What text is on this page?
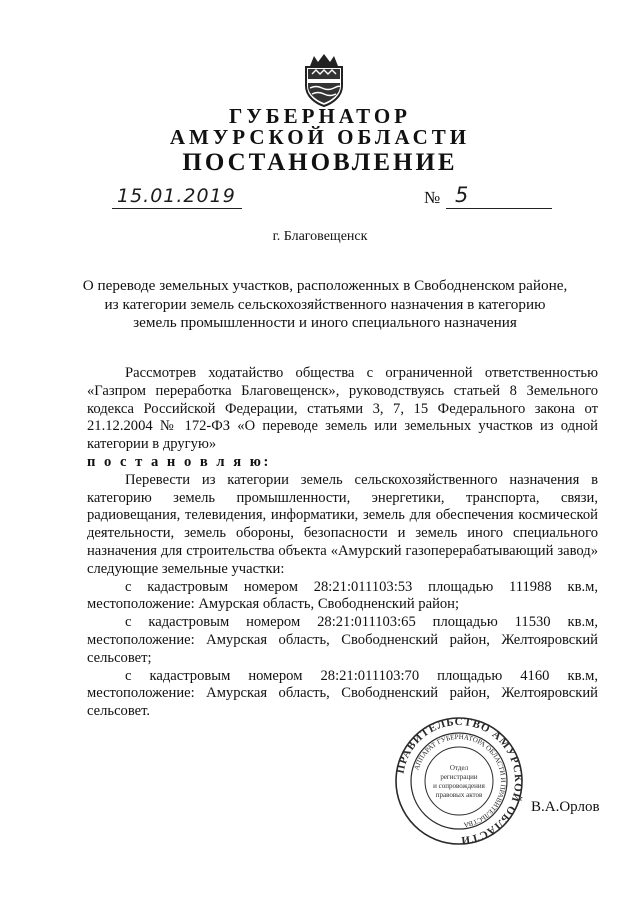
ГУБЕРНАТОР
АМУРСКОЙ ОБЛАСТИ
ПОСТАНОВЛЕНИЕ
15.01.2019	№ 5
г. Благовещенск
О переводе земельных участков, расположенных в Свободненском районе, из категории земель сельскохозяйственного назначения в категорию земель промышленности и иного специального назначения

Рассмотрев ходатайство общества с ограниченной ответственностью «Газпром переработка Благовещенск», руководствуясь статьей 8 Земельного кодекса Российской Федерации, статьями 3, 7, 15 Федерального закона от 21.12.2004 № 172-ФЗ «О переводе земель или земельных участков из одной категории в другую»

п о с т а н о в л я ю:

Перевести из категории земель сельскохозяйственного назначения в категорию земель промышленности, энергетики, транспорта, связи, радиовещания, телевидения, информатики, земель для обеспечения космической деятельности, земель обороны, безопасности и земель иного специального назначения для строительства объекта «Амурский газоперерабатывающий завод» следующие земельные участки:

с кадастровым номером 28:21:011103:53 площадью 111988 кв.м, местоположение: Амурская область, Свободненский район;

с кадастровым номером 28:21:011103:65 площадью 11530 кв.м, местоположение: Амурская область, Свободненский район, Желтояровский сельсовет;

с кадастровым номером 28:21:011103:70 площадью 4160 кв.м, местоположение: Амурская область, Свободненский район, Желтояровский сельсовет.

ПРАВИТЕЛЬСТВО АМУРСКОЙ ОБЛАСТИ
АППАРАТ ГУБЕРНАТОРА ОБЛАСТИ И ПРАВИТЕЛЬСТВА
Отдел
регистрации
и сопровождения
правовых актов
В.А.Орлов
